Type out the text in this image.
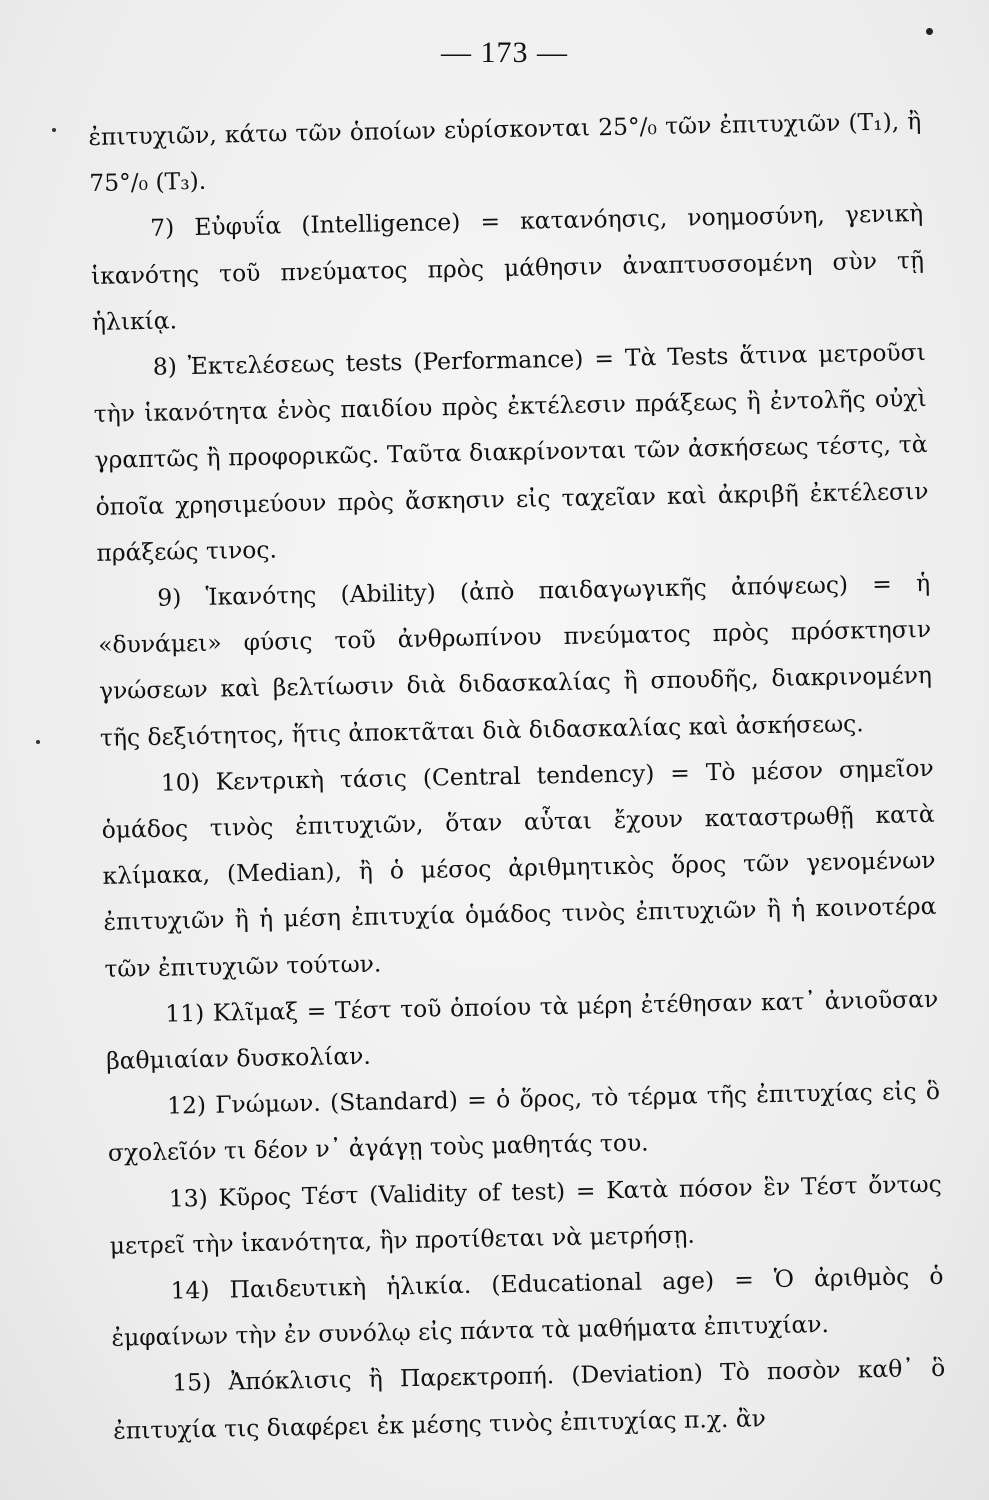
— 173 —

ἐπιτυχιῶν, κάτω τῶν ὁποίων εὑρίσκονται 25°/₀ τῶν ἐπιτυχιῶν (T₁), ἢ 75°/₀ (T₃).

7) Εὐφυΐα (Intelligence) = κατανόησις, νοημοσύνη, γενικὴ ἱκανότης τοῦ πνεύματος πρὸς μάθησιν ἀναπτυσσομένη σὺν τῇ ἡλικίᾳ.

8) Ἐκτελέσεως tests (Performance) = Τὰ Tests ἅτινα μετροῦσι τὴν ἱκανότητα ἑνὸς παιδίου πρὸς ἐκτέλεσιν πράξεως ἢ ἐντολῆς οὐχὶ γραπτῶς ἢ προφορικῶς. Ταῦτα διακρίνονται τῶν ἀσκήσεως τέστς, τὰ ὁποῖα χρησιμεύουν πρὸς ἄσκησιν εἰς ταχεῖαν καὶ ἀκριβῆ ἐκτέλεσιν πράξεώς τινος.

9) Ἱκανότης (Ability) (ἀπὸ παιδαγωγικῆς ἀπόψεως) = ἡ «δυνάμει» φύσις τοῦ ἀνθρωπίνου πνεύματος πρὸς πρόσκτησιν γνώσεων καὶ βελτίωσιν διὰ διδασκαλίας ἢ σπουδῆς, διακρινομένη τῆς δεξιότητος, ἥτις ἀποκτᾶται διὰ διδασκαλίας καὶ ἀσκήσεως.

10) Κεντρικὴ τάσις (Central tendency) = Τὸ μέσον σημεῖον ὁμάδος τινὸς ἐπιτυχιῶν, ὅταν αὗται ἔχουν καταστρωθῇ κατὰ κλίμακα, (Median), ἢ ὁ μέσος ἀριθμητικὸς ὅρος τῶν γενομένων ἐπιτυχιῶν ἢ ἡ μέση ἐπιτυχία ὁμάδος τινὸς ἐπιτυχιῶν ἢ ἡ κοινοτέρα τῶν ἐπιτυχιῶν τούτων.

11) Κλῖμαξ = Τέστ τοῦ ὁποίου τὰ μέρη ἐτέθησαν κατ᾿ ἀνιοῦσαν βαθμιαίαν δυσκολίαν.

12) Γνώμων. (Standard) = ὁ ὅρος, τὸ τέρμα τῆς ἐπιτυχίας εἰς ὃ σχολεῖόν τι δέον ν᾿ ἀγάγῃ τοὺς μαθητάς του.

13) Κῦρος Τέστ (Validity of test) = Κατὰ πόσον ἓν Τέστ ὄντως μετρεῖ τὴν ἱκανότητα, ἣν προτίθεται νὰ μετρήσῃ.

14) Παιδευτικὴ ἡλικία. (Educational age) = Ὁ ἀριθμὸς ὁ ἐμφαίνων τὴν ἐν συνόλῳ εἰς πάντα τὰ μαθήματα ἐπιτυχίαν.

15) Ἀπόκλισις ἢ Παρεκτροπή. (Deviation) Τὸ ποσὸν καθ᾿ ὃ ἐπιτυχία τις διαφέρει ἐκ μέσης τινὸς ἐπιτυχίας π.χ. ἂν
